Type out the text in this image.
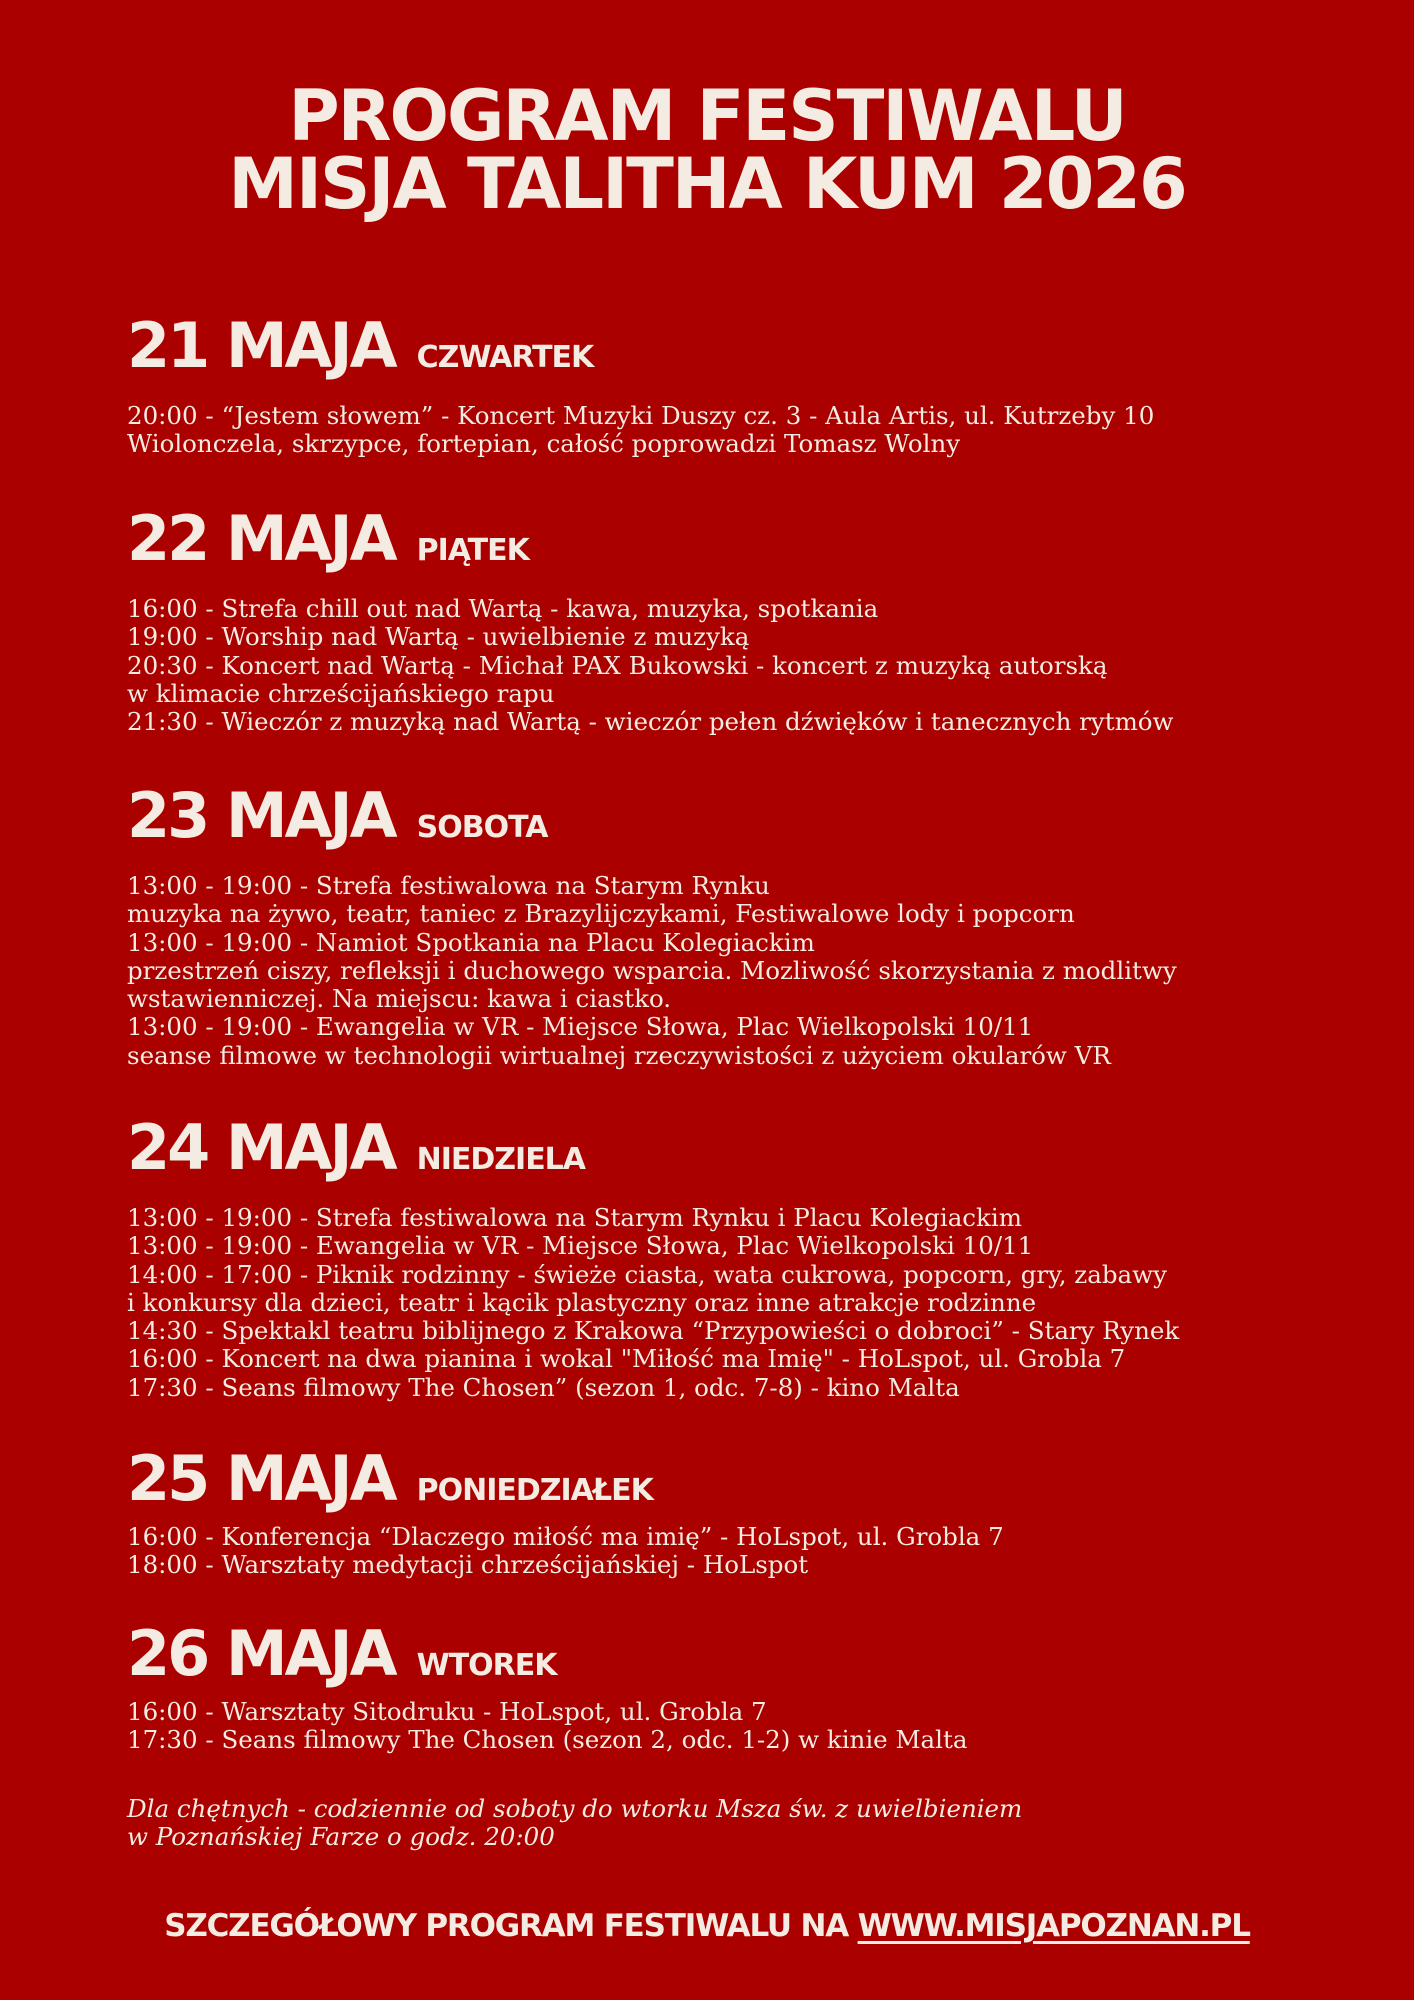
PROGRAM FESTIWALU
MISJA TALITHA KUM 2026
21 MAJA CZWARTEK
20:00 - “Jestem słowem” - Koncert Muzyki Duszy cz. 3 - Aula Artis, ul. Kutrzeby 10
Wiolonczela, skrzypce, fortepian, całość poprowadzi Tomasz Wolny
22 MAJA PIĄTEK
16:00 - Strefa chill out nad Wartą - kawa, muzyka, spotkania
19:00 - Worship nad Wartą - uwielbienie z muzyką
20:30 - Koncert nad Wartą - Michał PAX Bukowski - koncert z muzyką autorską
w klimacie chrześcijańskiego rapu
21:30 - Wieczór z muzyką nad Wartą - wieczór pełen dźwięków i tanecznych rytmów
23 MAJA SOBOTA
13:00 - 19:00 - Strefa festiwalowa na Starym Rynku
muzyka na żywo, teatr, taniec z Brazylijczykami, Festiwalowe lody i popcorn
13:00 - 19:00 - Namiot Spotkania na Placu Kolegiackim
przestrzeń ciszy, refleksji i duchowego wsparcia. Mozliwość skorzystania z modlitwy
wstawienniczej. Na miejscu: kawa i ciastko.
13:00 - 19:00 - Ewangelia w VR - Miejsce Słowa, Plac Wielkopolski 10/11
seanse filmowe w technologii wirtualnej rzeczywistości z użyciem okularów VR
24 MAJA NIEDZIELA
13:00 - 19:00 - Strefa festiwalowa na Starym Rynku i Placu Kolegiackim
13:00 - 19:00 - Ewangelia w VR - Miejsce Słowa, Plac Wielkopolski 10/11
14:00 - 17:00 - Piknik rodzinny - świeże ciasta, wata cukrowa, popcorn, gry, zabawy
i konkursy dla dzieci, teatr i kącik plastyczny oraz inne atrakcje rodzinne
14:30 - Spektakl teatru biblijnego z Krakowa “Przypowieści o dobroci” - Stary Rynek
16:00 - Koncert na dwa pianina i wokal "Miłość ma Imię" - HoLspot, ul. Grobla 7
17:30 - Seans filmowy The Chosen” (sezon 1, odc. 7-8) - kino Malta
25 MAJA PONIEDZIAŁEK
16:00 - Konferencja “Dlaczego miłość ma imię” - HoLspot, ul. Grobla 7
18:00 - Warsztaty medytacji chrześcijańskiej - HoLspot
26 MAJA WTOREK
16:00 - Warsztaty Sitodruku - HoLspot, ul. Grobla 7
17:30 - Seans filmowy The Chosen (sezon 2, odc. 1-2) w kinie Malta
Dla chętnych - codziennie od soboty do wtorku Msza św. z uwielbieniem
w Poznańskiej Farze o godz. 20:00
SZCZEGÓŁOWY PROGRAM FESTIWALU NA WWW.MISJAPOZNAN.PL
